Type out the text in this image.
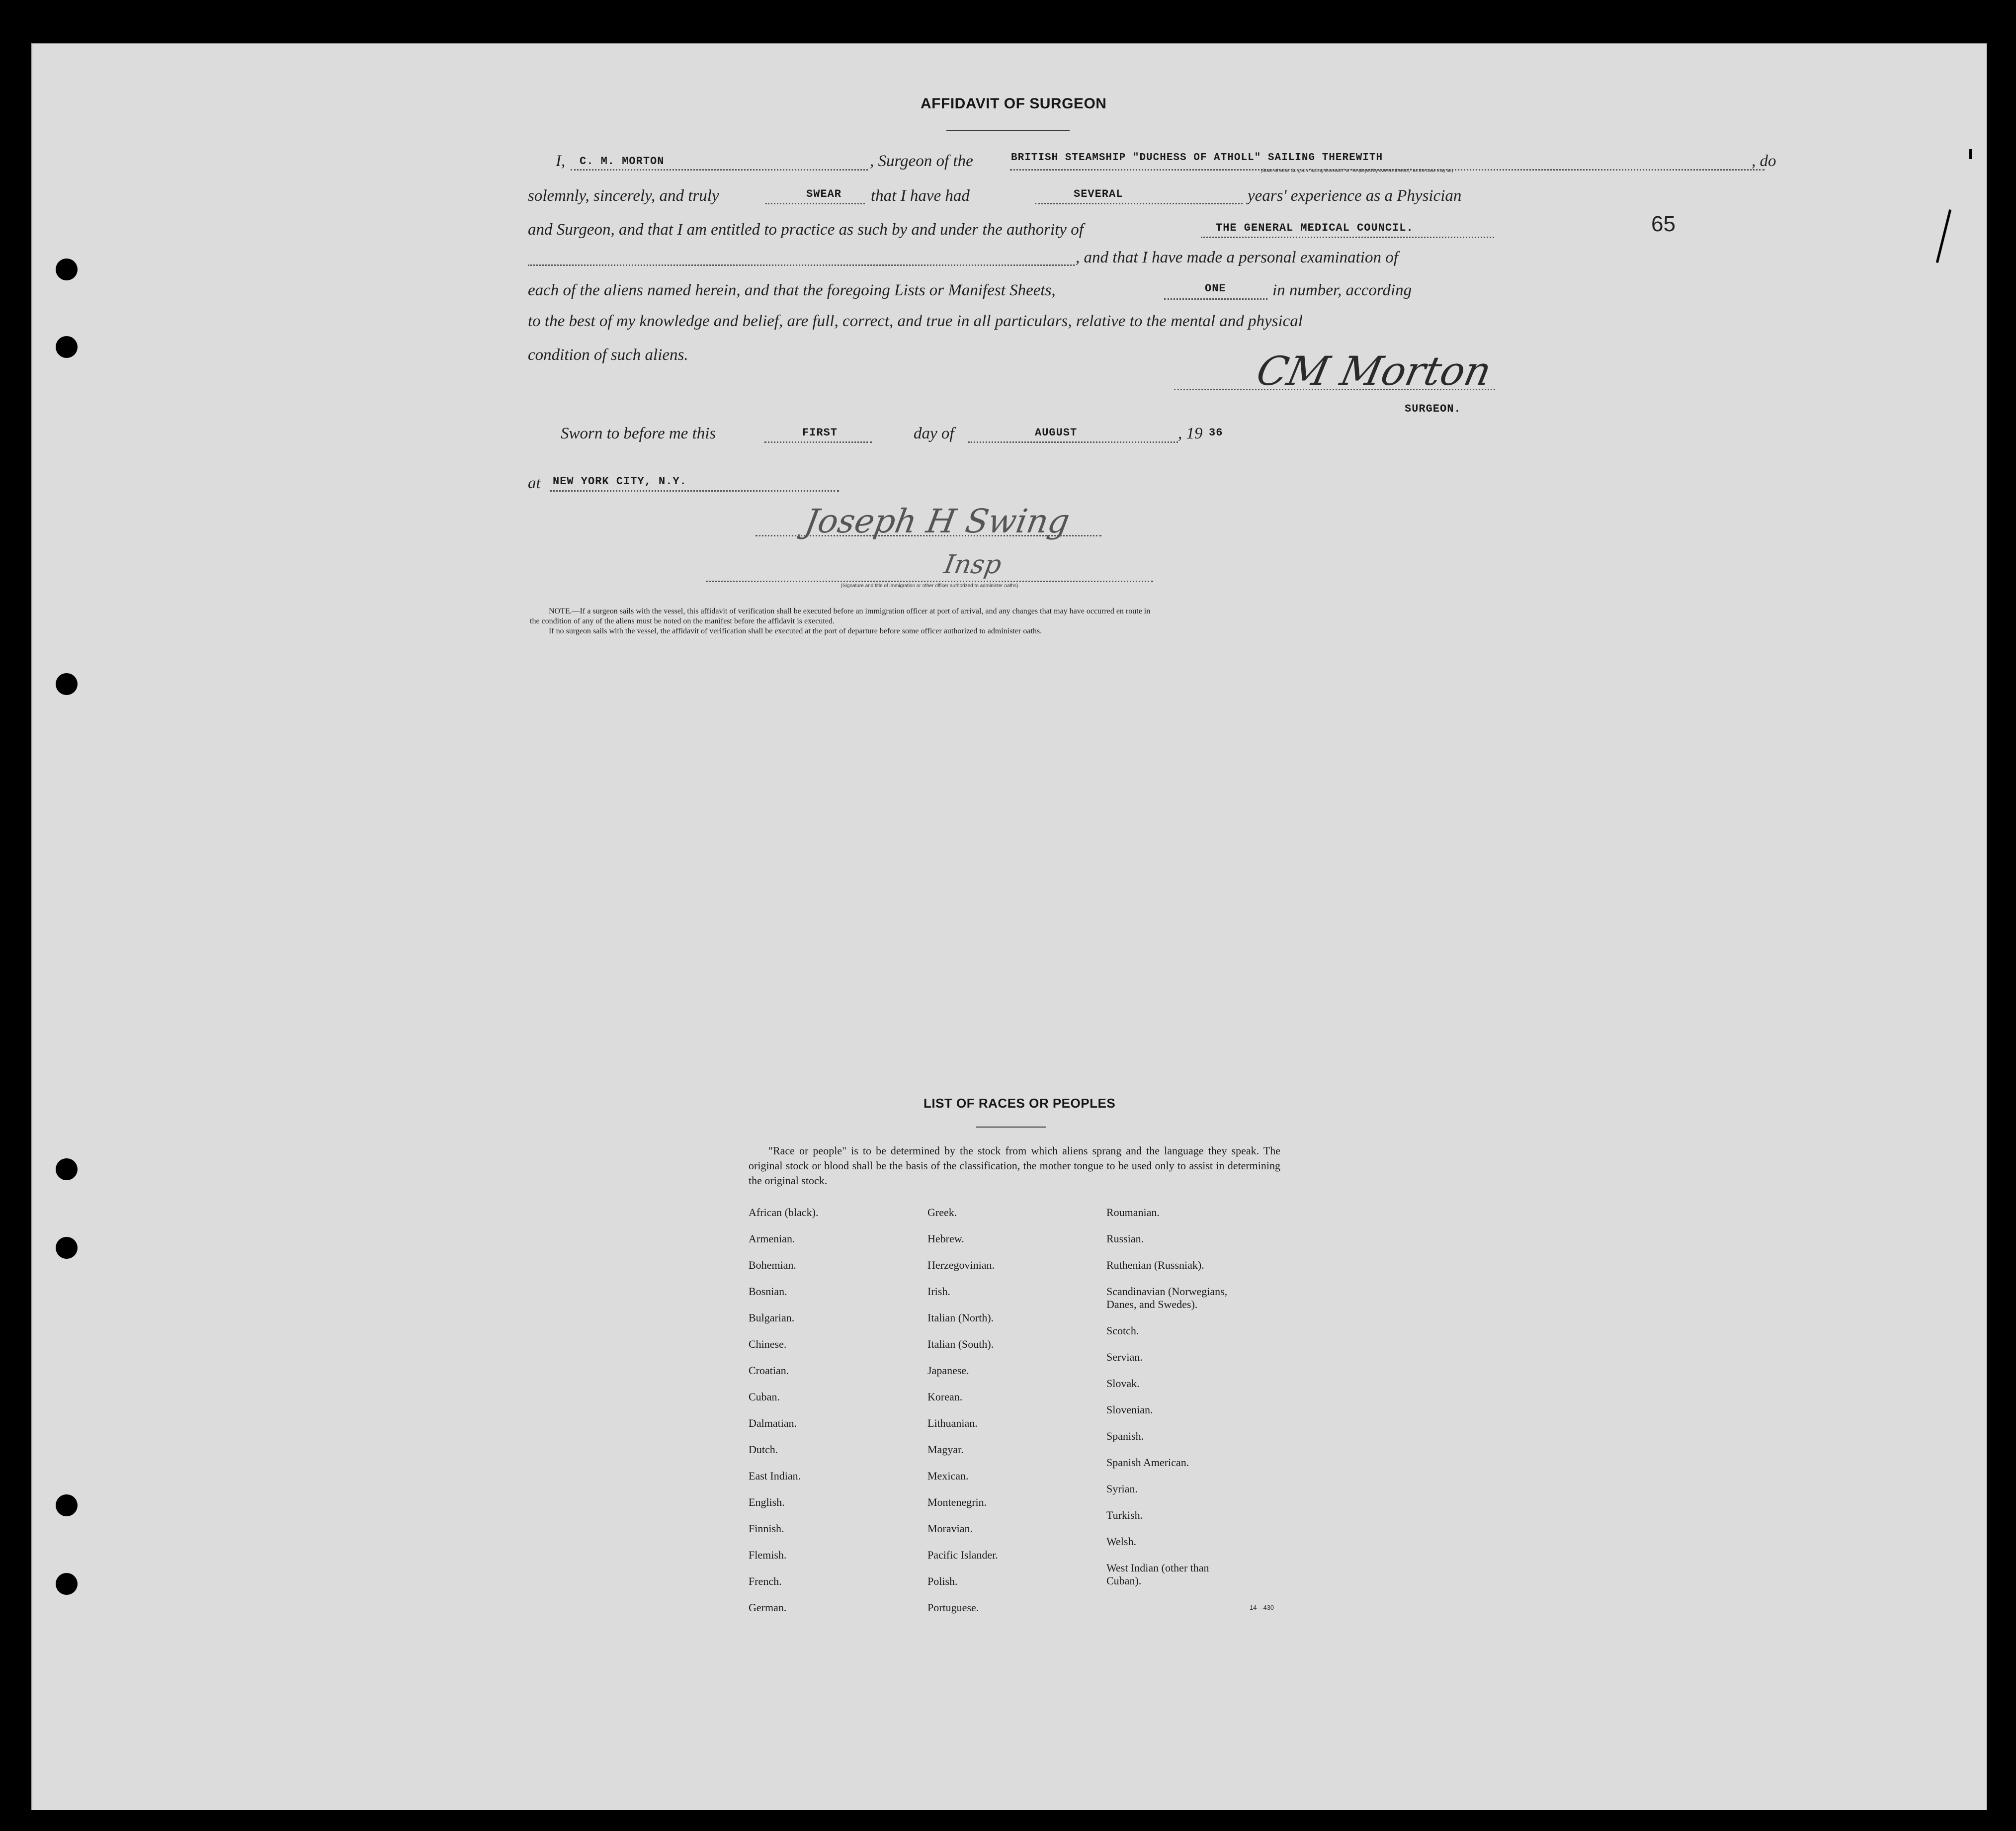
65
AFFIDAVIT OF SURGEON
I, C. M. MORTON	, Surgeon of the	BRITISH STEAMSHIP "DUCHESS OF ATHOLL" SAILING THEREWITH	, do
(State whether Surgeon "sailing therewith" or "employed by owners thereof," as the case may be)
solemnly, sincerely, and truly	SWEAR that I have had	SEVERAL	years' experience as a Physician
and Surgeon, and that I am entitled to practice as such by and under the authority of	THE GENERAL MEDICAL COUNCIL.
, and that I have made a personal examination of
each of the aliens named herein, and that the foregoing Lists or Manifest Sheets,	ONE	in number, according
to the best of my knowledge and belief, are full, correct, and true in all particulars, relative to the mental and physical
condition of such aliens.	CM Morton
SURGEON.
Sworn to before me this	FIRST	day of	AUGUST	, 19 36
at NEW YORK CITY, N.Y.
Joseph H Swing
Insp
(Signature and title of immigration or other officer authorized to administer oaths)
NOTE.—If a surgeon sails with the vessel, this affidavit of verification shall be executed before an immigration officer at port of arrival, and any changes that may have occurred en route in
the condition of any of the aliens must be noted on the manifest before the affidavit is executed.
If no surgeon sails with the vessel, the affidavit of verification shall be executed at the port of departure before some officer authorized to administer oaths.
LIST OF RACES OR PEOPLES
"Race or people" is to be determined by the stock from which aliens sprang and the language they speak. The original stock or blood shall be the basis of the classification, the mother tongue to be used only to assist in determining the original stock.
African (black).
Armenian.
Bohemian.
Bosnian.
Bulgarian.
Chinese.
Croatian.
Cuban.
Dalmatian.
Dutch.
East Indian.
English.
Finnish.
Flemish.
French.
German.
Greek.
Hebrew.
Herzegovinian.
Irish.
Italian (North).
Italian (South).
Japanese.
Korean.
Lithuanian.
Magyar.
Mexican.
Montenegrin.
Moravian.
Pacific Islander.
Polish.
Portuguese.
Roumanian.
Russian.
Ruthenian (Russniak).
Scandinavian (Norwegians,
Danes, and Swedes).
Scotch.
Servian.
Slovak.
Slovenian.
Spanish.
Spanish American.
Syrian.
Turkish.
Welsh.
West Indian (other than
Cuban).
14—430
